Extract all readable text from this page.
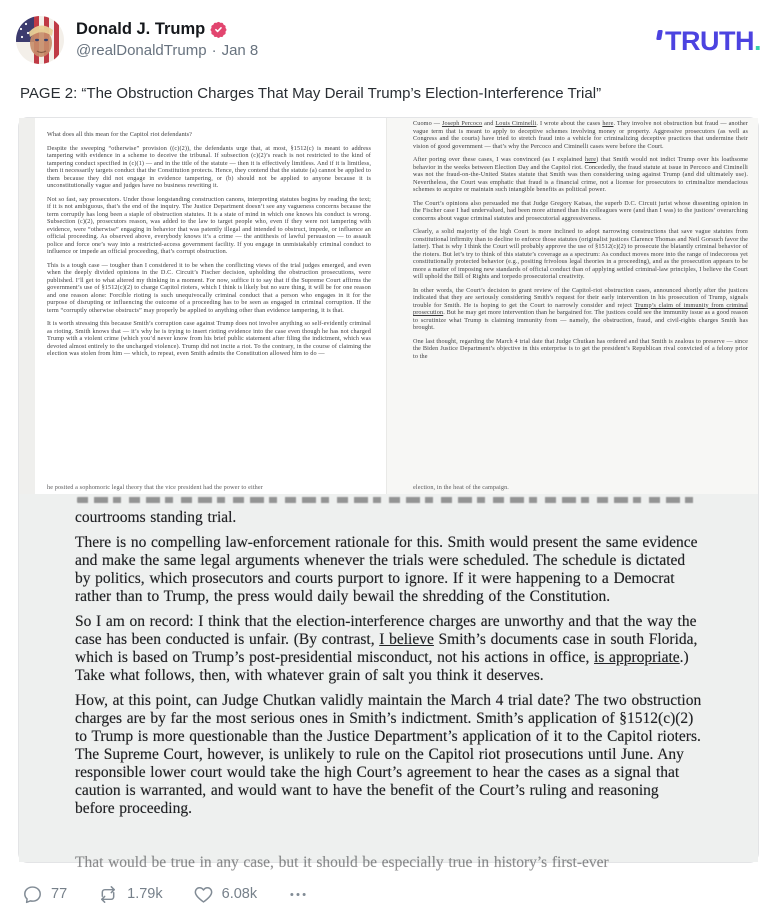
Donald J. Trump
@realDonaldTrump · Jan 8	TRUTH .
PAGE 2: “The Obstruction Charges That May Derail Trump’s Election-Interference Trial”

What does all this mean for the Capitol riot defendants?

Despite the sweeping “otherwise” provision ((c)(2)), the defendants urge that, at most, §1512(c) is meant to address tampering with evidence in a scheme to deceive the tribunal. If subsection (c)(2)’s reach is not restricted to the kind of tampering conduct specified in (c)(1) — and in the title of the statute — then it is effectively limitless. And if it is limitless, then it necessarily targets conduct that the Constitution protects. Hence, they contend that the statute (a) cannot be applied to them because they did not engage in evidence tampering, or (b) should not be applied to anyone because it is unconstitutionally vague and judges have no business rewriting it.

Not so fast, say prosecutors. Under those longstanding construction canons, interpreting statutes begins by reading the text; if it is not ambiguous, that’s the end of the inquiry. The Justice Department doesn’t see any vagueness concerns because the term corruptly has long been a staple of obstruction statutes. It is a state of mind in which one knows his conduct is wrong. Subsection (c)(2), prosecutors reason, was added to the law to target people who, even if they were not tampering with evidence, were “otherwise” engaging in behavior that was patently illegal and intended to obstruct, impede, or influence an official proceeding. As observed above, everybody knows it’s a crime — the antithesis of lawful persuasion — to assault police and force one’s way into a restricted-access government facility. If you engage in unmistakably criminal conduct to influence or impede an official proceeding, that’s corrupt obstruction.

This is a tough case — tougher than I considered it to be when the conflicting views of the trial judges emerged, and even when the deeply divided opinions in the D.C. Circuit’s Fischer decision, upholding the obstruction prosecutions, were published. I’ll get to what altered my thinking in a moment. For now, suffice it to say that if the Supreme Court affirms the government’s use of §1512(c)(2) to charge Capitol rioters, which I think is likely but no sure thing, it will be for one reason and one reason alone: Forcible rioting is such unequivocally criminal conduct that a person who engages in it for the purpose of disrupting or influencing the outcome of a proceeding has to be seen as engaged in criminal corruption. If the term “corruptly otherwise obstructs” may properly be applied to anything other than evidence tampering, it is that.

It is worth stressing this because Smith’s corruption case against Trump does not involve anything so self-evidently criminal as rioting. Smith knows that — it’s why he is trying to insert rioting evidence into the case even though he has not charged Trump with a violent crime (which you’d never know from his brief public statement after filing the indictment, which was devoted almost entirely to the uncharged violence). Trump did not incite a riot. To the contrary, in the course of claiming the election was stolen from him — which, to repeat, even Smith admits the Constitution allowed him to do —

he posited a sophomoric legal theory that the vice president had the power to either

Cuomo — Joseph Percoco and Louis Ciminelli. I wrote about the cases here. They involve not obstruction but fraud — another vague term that is meant to apply to deceptive schemes involving money or property. Aggressive prosecutors (as well as Congress and the courts) have tried to stretch fraud into a vehicle for criminalizing deceptive practices that undermine their vision of good government — that’s why the Percoco and Ciminelli cases were before the Court.

After poring over these cases, I was convinced (as I explained here) that Smith would not indict Trump over his loathsome behavior in the weeks between Election Day and the Capitol riot. Concededly, the fraud statute at issue in Percoco and Ciminelli was not the fraud-on-the-United States statute that Smith was then considering using against Trump (and did ultimately use). Nevertheless, the Court was emphatic that fraud is a financial crime, not a license for prosecutors to criminalize mendacious schemes to acquire or maintain such intangible benefits as political power.

The Court’s opinions also persuaded me that Judge Gregory Katsas, the superb D.C. Circuit jurist whose dissenting opinion in the Fischer case I had undervalued, had been more attuned than his colleagues were (and than I was) to the justices’ overarching concerns about vague criminal statutes and prosecutorial aggressiveness.

Clearly, a solid majority of the high Court is more inclined to adopt narrowing constructions that save vague statutes from constitutional infirmity than to decline to enforce those statutes (originalist justices Clarence Thomas and Neil Gorsuch favor the latter). That is why I think the Court will probably approve the use of §1512(c)(2) to prosecute the blatantly criminal behavior of the rioters. But let’s try to think of this statute’s coverage as a spectrum: As conduct moves more into the range of indecorous yet constitutionally protected behavior (e.g., positing frivolous legal theories in a proceeding), and as the prosecution appears to be more a matter of imposing new standards of official conduct than of applying settled criminal-law principles, I believe the Court will uphold the Bill of Rights and torpedo prosecutorial creativity.

In other words, the Court’s decision to grant review of the Capitol-riot obstruction cases, announced shortly after the justices indicated that they are seriously considering Smith’s request for their early intervention in his prosecution of Trump, signals trouble for Smith. He is hoping to get the Court to narrowly consider and reject Trump’s claim of immunity from criminal prosecution. But he may get more intervention than he bargained for. The justices could see the immunity issue as a good reason to scrutinize what Trump is claiming immunity from — namely, the obstruction, fraud, and civil-rights charges Smith has brought.

One last thought, regarding the March 4 trial date that Judge Chutkan has ordered and that Smith is zealous to preserve — since the Biden Justice Department’s objective in this enterprise is to get the president’s Republican rival convicted of a felony prior to the

election, in the heat of the campaign.

courtrooms standing trial.

There is no compelling law-enforcement rationale for this. Smith would present the same evidence and make the same legal arguments whenever the trials were scheduled. The schedule is dictated by politics, which prosecutors and courts purport to ignore. If it were happening to a Democrat rather than to Trump, the press would daily bewail the shredding of the Constitution.

So I am on record: I think that the election-interference charges are unworthy and that the way the case has been conducted is unfair. (By contrast, I believe Smith’s documents case in south Florida, which is based on Trump’s post-presidential misconduct, not his actions in office, is appropriate.) Take what follows, then, with whatever grain of salt you think it deserves.

How, at this point, can Judge Chutkan validly maintain the March 4 trial date? The two obstruction charges are by far the most serious ones in Smith’s indictment. Smith’s application of §1512(c)(2) to Trump is more questionable than the Justice Department’s application of it to the Capitol rioters. The Supreme Court, however, is unlikely to rule on the Capitol riot prosecutions until June. Any responsible lower court would take the high Court’s agreement to hear the cases as a signal that caution is warranted, and would want to have the benefit of the Court’s ruling and reasoning before proceeding.

That would be true in any case, but it should be especially true in history’s first-ever

77	1.79k	6.08k
